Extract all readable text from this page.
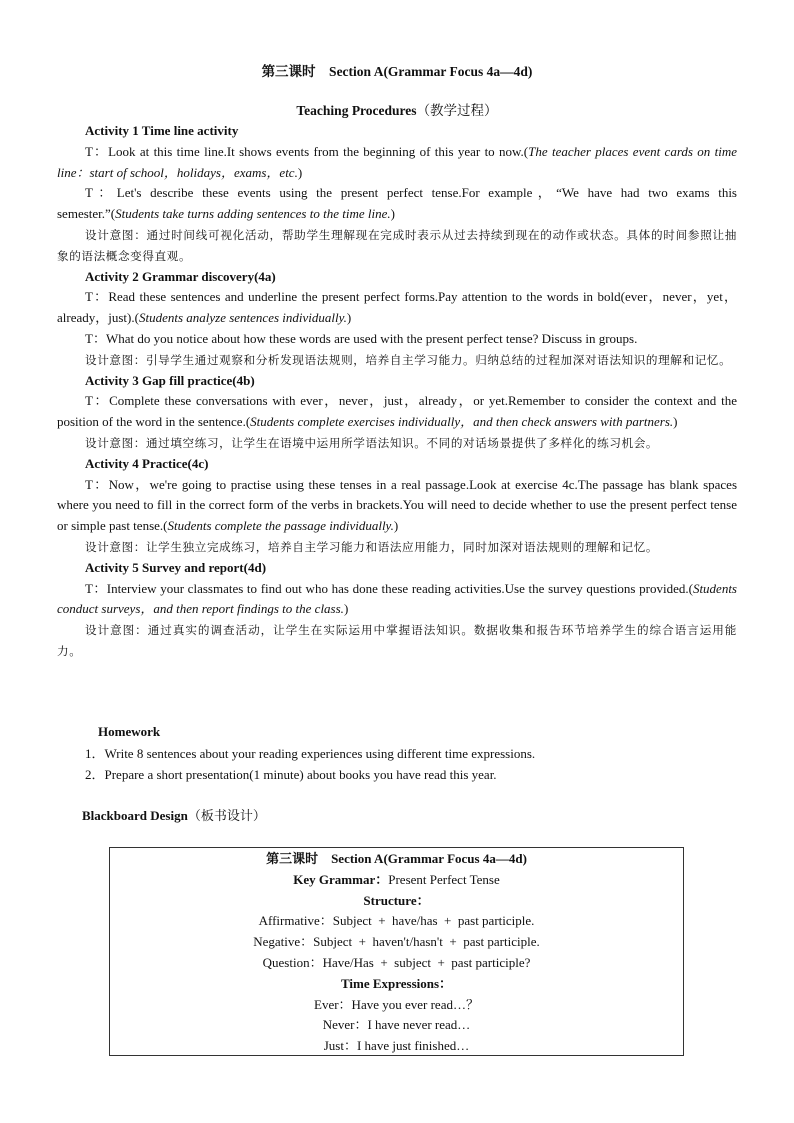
第三课时    Section A(Grammar Focus 4a—4d)
Teaching Procedures（教学过程）

Activity 1 Time line activity

T：Look at this time line.It shows events from the beginning of this year to now.(The teacher places event cards on time line：start of school，holidays，exams，etc.)

T：Let's describe these events using the present perfect tense.For example，“We have had two exams this semester.”(Students take turns adding sentences to the time line.)

设计意图：通过时间线可视化活动，帮助学生理解现在完成时表示从过去持续到现在的动作或状态。具体的时间参照让抽象的语法概念变得直观。

Activity 2 Grammar discovery(4a)

T：Read these sentences and underline the present perfect forms.Pay attention to the words in bold(ever，never，yet，already，just).(Students analyze sentences individually.)

T：What do you notice about how these words are used with the present perfect tense? Discuss in groups.

设计意图：引导学生通过观察和分析发现语法规则，培养自主学习能力。归纳总结的过程加深对语法知识的理解和记忆。

Activity 3 Gap fill practice(4b)

T：Complete these conversations with ever，never，just，already，or yet.Remember to consider the context and the position of the word in the sentence.(Students complete exercises individually，and then check answers with partners.)

设计意图：通过填空练习，让学生在语境中运用所学语法知识。不同的对话场景提供了多样化的练习机会。

Activity 4 Practice(4c)

T：Now，we're going to practise using these tenses in a real passage.Look at exercise 4c.The passage has blank spaces where you need to fill in the correct form of the verbs in brackets.You will need to decide whether to use the present perfect tense or simple past tense.(Students complete the passage individually.)

设计意图：让学生独立完成练习，培养自主学习能力和语法应用能力，同时加深对语法规则的理解和记忆。

Activity 5 Survey and report(4d)

T：Interview your classmates to find out who has done these reading activities.Use the survey questions provided.(Students conduct surveys，and then report findings to the class.)

设计意图：通过真实的调查活动，让学生在实际运用中掌握语法知识。数据收集和报告环节培养学生的综合语言运用能力。

Homework

1．Write 8 sentences about your reading experiences using different time expressions.

2．Prepare a short presentation(1 minute) about books you have read this year.

Blackboard Design（板书设计）

第三课时    Section A(Grammar Focus 4a—4d)

Key Grammar：Present Perfect Tense

Structure：

Affirmative：Subject  +  have/has  +  past participle.

Negative：Subject  +  haven't/hasn't  +  past participle.

Question：Have/Has  +  subject  +  past participle?

Time Expressions：

Ever：Have you ever read…？

Never：I have never read…

Just：I have just finished…
